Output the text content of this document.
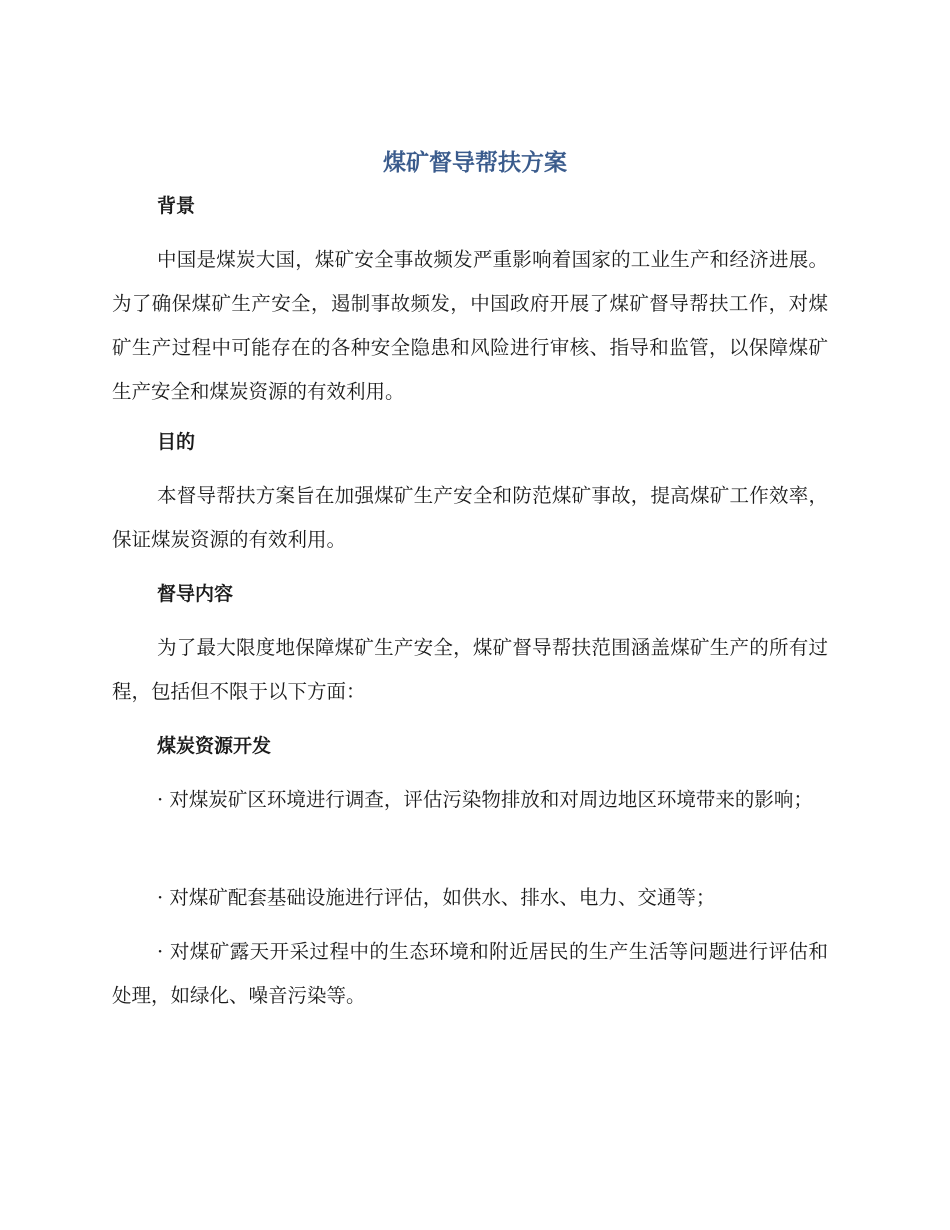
煤矿督导帮扶方案
背景

中国是煤炭大国，煤矿安全事故频发严重影响着国家的工业生产和经济进展。为了确保煤矿生产安全，遏制事故频发，中国政府开展了煤矿督导帮扶工作，对煤矿生产过程中可能存在的各种安全隐患和风险进行审核、指导和监管，以保障煤矿生产安全和煤炭资源的有效利用。

目的

本督导帮扶方案旨在加强煤矿生产安全和防范煤矿事故，提高煤矿工作效率，保证煤炭资源的有效利用。

督导内容

为了最大限度地保障煤矿生产安全，煤矿督导帮扶范围涵盖煤矿生产的所有过程，包括但不限于以下方面：

煤炭资源开发

· 对煤炭矿区环境进行调查，评估污染物排放和对周边地区环境带来的影响；

· 对煤矿配套基础设施进行评估，如供水、排水、电力、交通等；

· 对煤矿露天开采过程中的生态环境和附近居民的生产生活等问题进行评估和处理，如绿化、噪音污染等。
